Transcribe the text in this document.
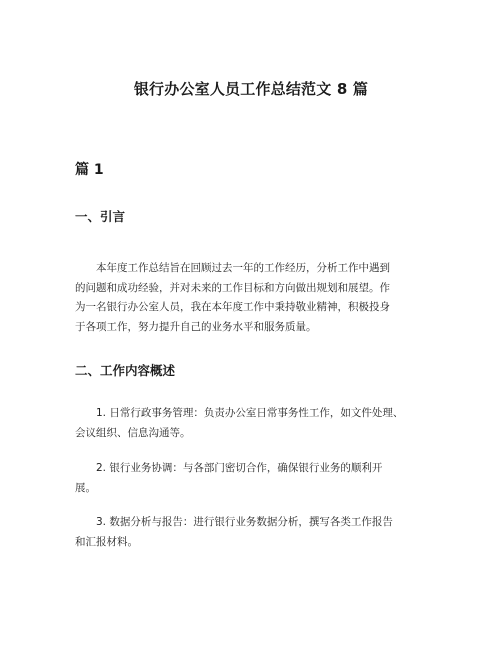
银行办公室人员工作总结范文 8 篇
篇 1
一、引言
本年度工作总结旨在回顾过去一年的工作经历，分析工作中遇到
的问题和成功经验，并对未来的工作目标和方向做出规划和展望。作
为一名银行办公室人员，我在本年度工作中秉持敬业精神，积极投身
于各项工作，努力提升自己的业务水平和服务质量。
二、工作内容概述
1. 日常行政事务管理：负责办公室日常事务性工作，如文件处理、
会议组织、信息沟通等。
2. 银行业务协调：与各部门密切合作，确保银行业务的顺利开
展。
3. 数据分析与报告：进行银行业务数据分析，撰写各类工作报告
和汇报材料。
